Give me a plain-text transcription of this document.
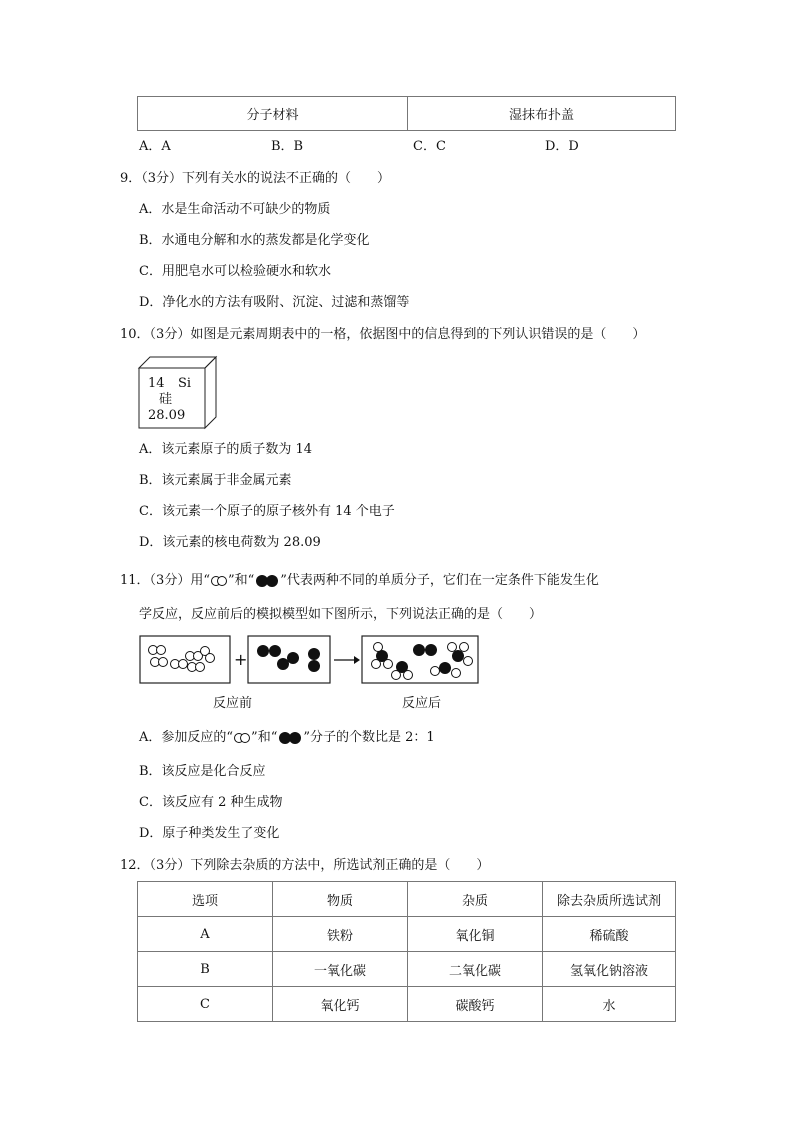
分子材料	湿抹布扑盖
A．A	B．B	C．C	D．D
9．（3分）下列有关水的说法不正确的（　　）
A．水是生命活动不可缺少的物质
B．水通电分解和水的蒸发都是化学变化
C．用肥皂水可以检验硬水和软水
D．净化水的方法有吸附、沉淀、过滤和蒸馏等
10．（3分）如图是元素周期表中的一格，依据图中的信息得到的下列认识错误的是（　　）
14 Si
硅
28.09
A．该元素原子的质子数为 14
B．该元素属于非金属元素
C．该元素一个原子的原子核外有 14 个电子
D．该元素的核电荷数为 28.09
11．（3分）用“ ”和“ ”代表两种不同的单质分子，它们在一定条件下能发生化
学反应，反应前后的模拟模型如下图所示，下列说法正确的是（　　）
+
反应前	反应后
A．参加反应的“ ”和“ ”分子的个数比是 2：1
B．该反应是化合反应
C．该反应有 2 种生成物
D．原子种类发生了变化
12．（3分）下列除去杂质的方法中，所选试剂正确的是（　　）
选项	物质	杂质	除去杂质所选试剂
A	铁粉	氧化铜	稀硫酸
B	一氧化碳	二氧化碳	氢氧化钠溶液
C	氧化钙	碳酸钙	水
